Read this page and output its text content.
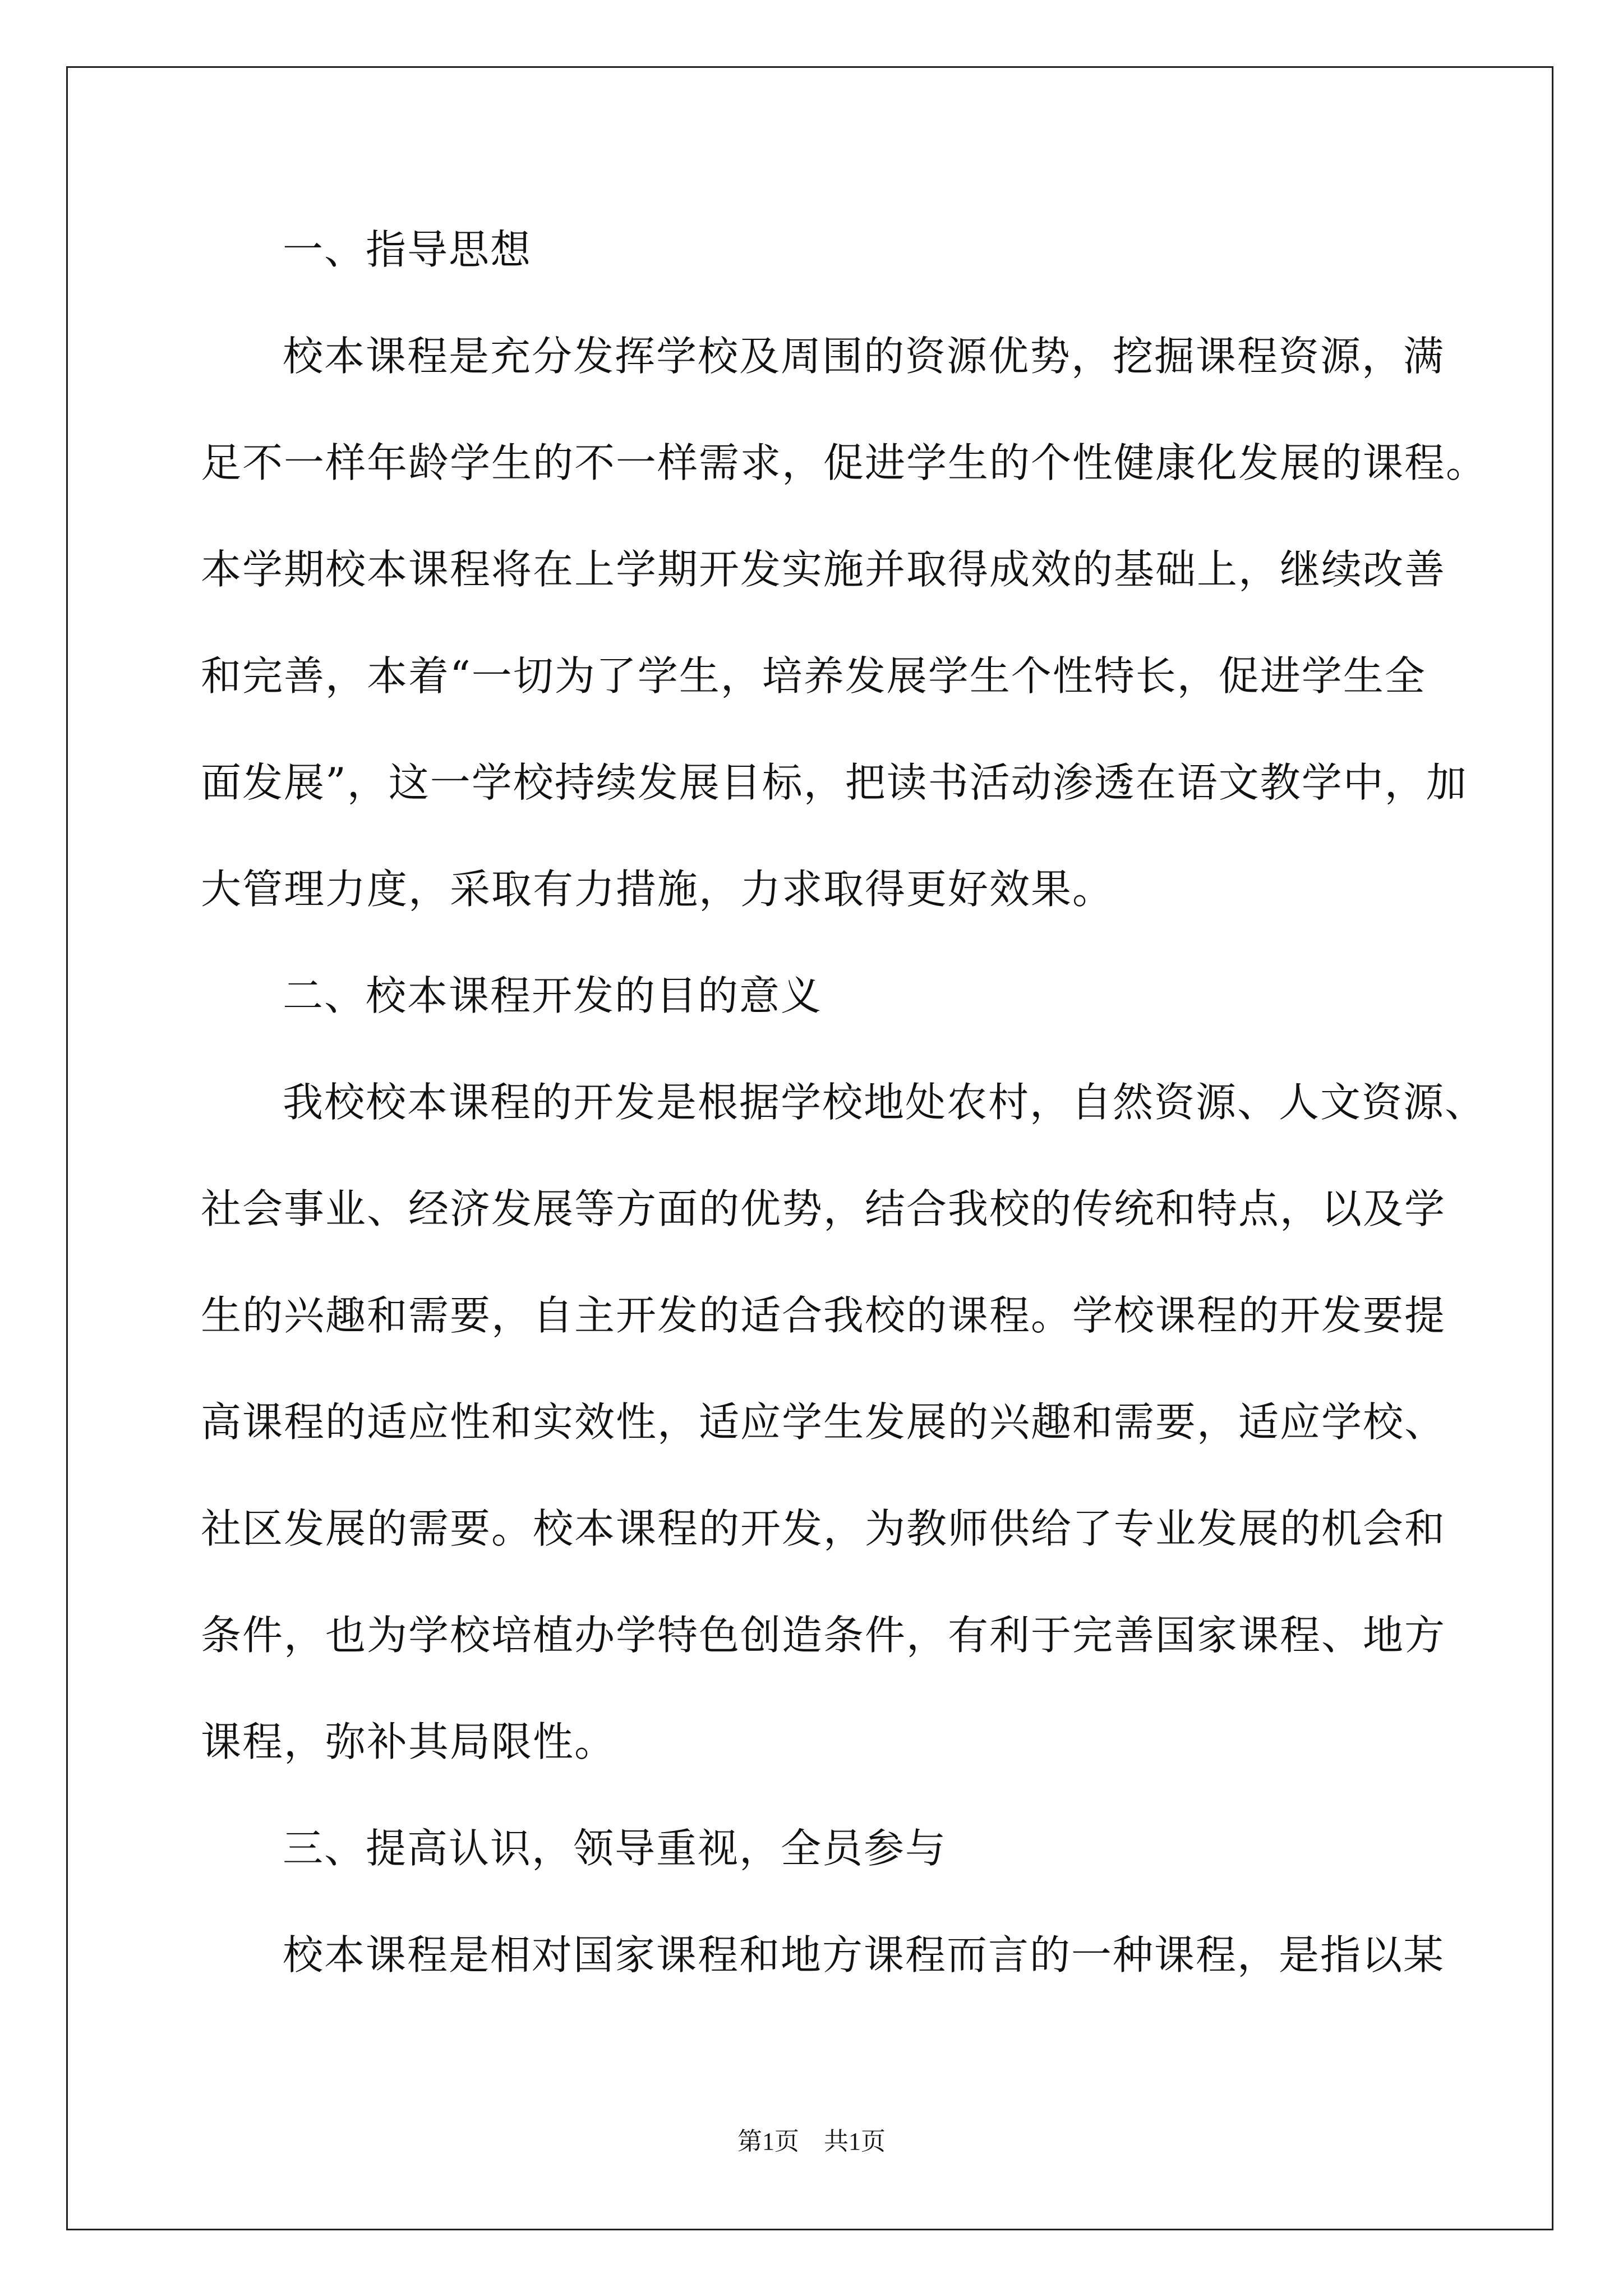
一、指导思想
校本课程是充分发挥学校及周围的资源优势，挖掘课程资源，满
足不一样年龄学生的不一样需求，促进学生的个性健康化发展的课程。
本学期校本课程将在上学期开发实施并取得成效的基础上，继续改善
和完善，本着“一切为了学生，培养发展学生个性特长，促进学生全
面发展”，这一学校持续发展目标，把读书活动渗透在语文教学中，加
大管理力度，采取有力措施，力求取得更好效果。
二、校本课程开发的目的意义
我校校本课程的开发是根据学校地处农村，自然资源、人文资源、
社会事业、经济发展等方面的优势，结合我校的传统和特点，以及学
生的兴趣和需要，自主开发的适合我校的课程。学校课程的开发要提
高课程的适应性和实效性，适应学生发展的兴趣和需要，适应学校、
社区发展的需要。校本课程的开发，为教师供给了专业发展的机会和
条件，也为学校培植办学特色创造条件，有利于完善国家课程、地方
课程，弥补其局限性。
三、提高认识，领导重视，全员参与
校本课程是相对国家课程和地方课程而言的一种课程，是指以某
第1页 共1页
